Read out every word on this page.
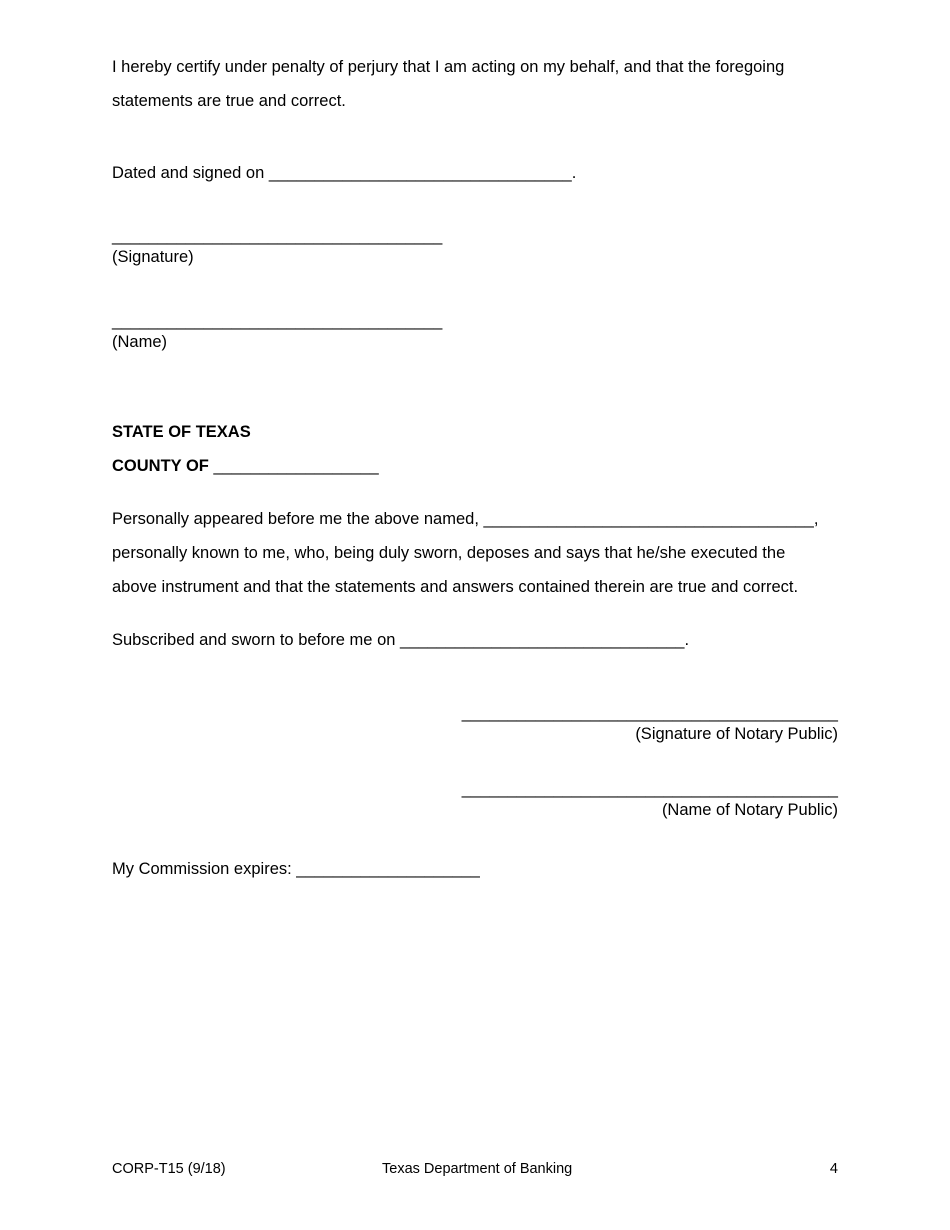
I hereby certify under penalty of perjury that I am acting on my behalf, and that the foregoing
statements are true and correct.
Dated and signed on _________________________________.
____________________________________
(Signature)
____________________________________
(Name)
STATE OF TEXAS
COUNTY OF __________________
Personally appeared before me the above named, ____________________________________,
personally known to me, who, being duly sworn, deposes and says that he/she executed the
above instrument and that the statements and answers contained therein are true and correct.
Subscribed and sworn to before me on _______________________________.
_________________________________________
(Signature of Notary Public)
_________________________________________
(Name of Notary Public)
My Commission expires: ____________________
CORP-T15 (9/18)	Texas Department of Banking	4
